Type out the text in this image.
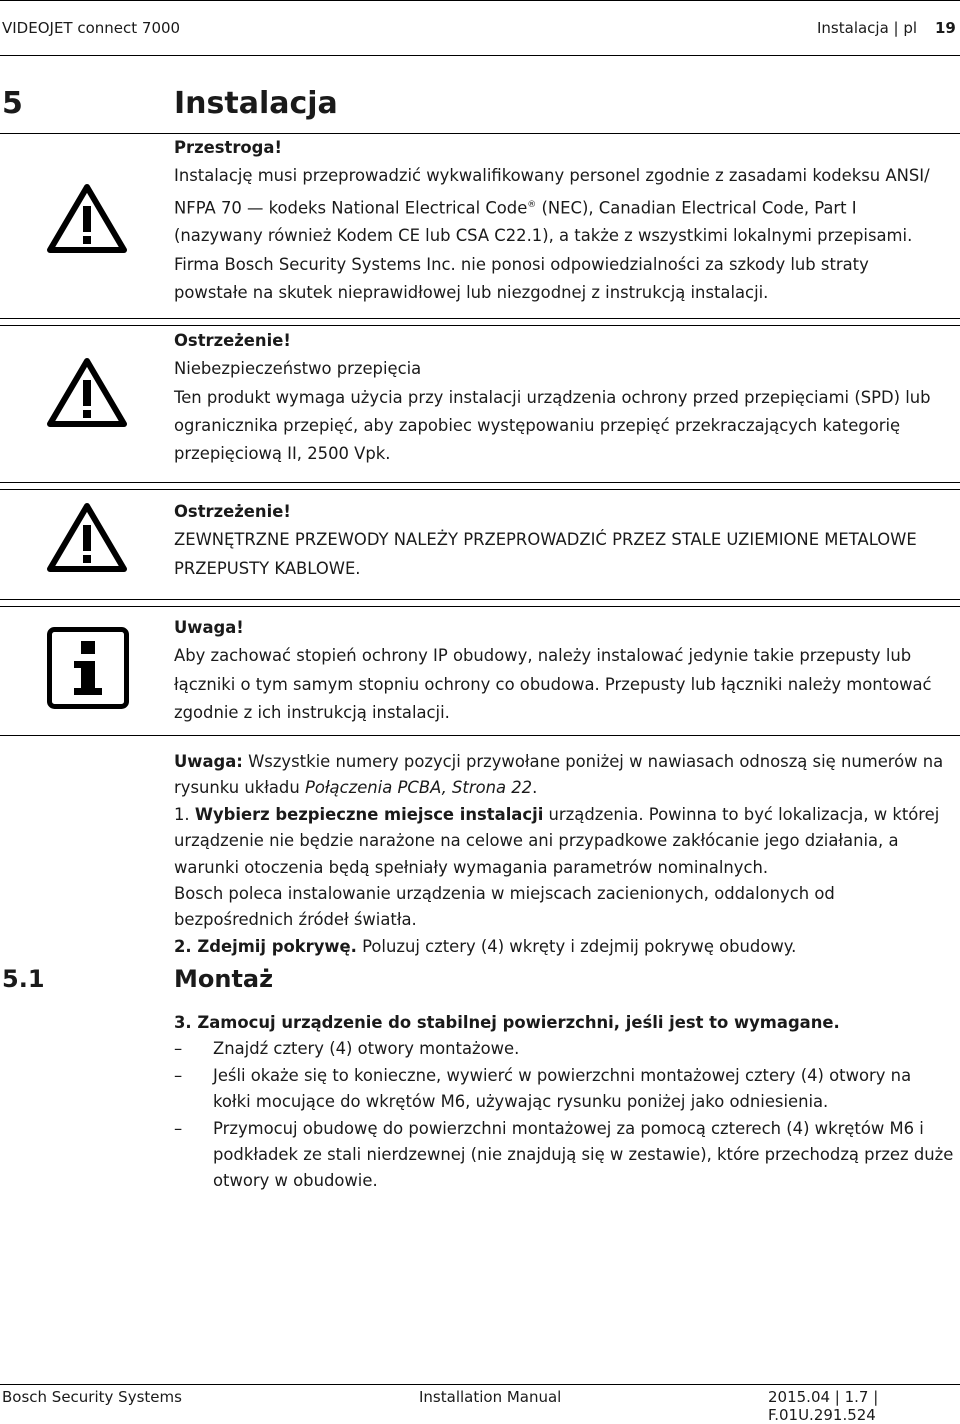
VIDEOJET connect 7000	Instalacja | pl 19
5	Instalacja
Przestroga!
Instalację musi przeprowadzić wykwalifikowany personel zgodnie z zasadami kodeksu ANSI/
NFPA 70 — kodeks National Electrical Code® (NEC), Canadian Electrical Code, Part I
(nazywany również Kodem CE lub CSA C22.1), a także z wszystkimi lokalnymi przepisami.
Firma Bosch Security Systems Inc. nie ponosi odpowiedzialności za szkody lub straty
powstałe na skutek nieprawidłowej lub niezgodnej z instrukcją instalacji.
Ostrzeżenie!
Niebezpieczeństwo przepięcia
Ten produkt wymaga użycia przy instalacji urządzenia ochrony przed przepięciami (SPD) lub
ogranicznika przepięć, aby zapobiec występowaniu przepięć przekraczających kategorię
przepięciową II, 2500 Vpk.
Ostrzeżenie!
ZEWNĘTRZNE PRZEWODY NALEŻY PRZEPROWADZIĆ PRZEZ STALE UZIEMIONE METALOWE
PRZEPUSTY KABLOWE.
Uwaga!
Aby zachować stopień ochrony IP obudowy, należy instalować jedynie takie przepusty lub
łączniki o tym samym stopniu ochrony co obudowa. Przepusty lub łączniki należy montować
zgodnie z ich instrukcją instalacji.
5.1	Montaż

Uwaga: Wszystkie numery pozycji przywołane poniżej w nawiasach odnoszą się numerów na

rysunku układu Połączenia PCBA, Strona 22.

1. Wybierz bezpieczne miejsce instalacji urządzenia. Powinna to być lokalizacja, w której

urządzenie nie będzie narażone na celowe ani przypadkowe zakłócanie jego działania, a

warunki otoczenia będą spełniały wymagania parametrów nominalnych.

Bosch poleca instalowanie urządzenia w miejscach zacienionych, oddalonych od

bezpośrednich źródeł światła.

2. Zdejmij pokrywę. Poluzuj cztery (4) wkręty i zdejmij pokrywę obudowy.

3. Zamocuj urządzenie do stabilnej powierzchni, jeśli jest to wymagane.

– Znajdź cztery (4) otwory montażowe.

– Jeśli okaże się to konieczne, wywierć w powierzchni montażowej cztery (4) otwory na

kołki mocujące do wkrętów M6, używając rysunku poniżej jako odniesienia.

– Przymocuj obudowę do powierzchni montażowej za pomocą czterech (4) wkrętów M6 i

podkładek ze stali nierdzewnej (nie znajdują się w zestawie), które przechodzą przez duże

otwory w obudowie.

Bosch Security Systems	Installation Manual	2015.04 | 1.7 | F.01U.291.524
